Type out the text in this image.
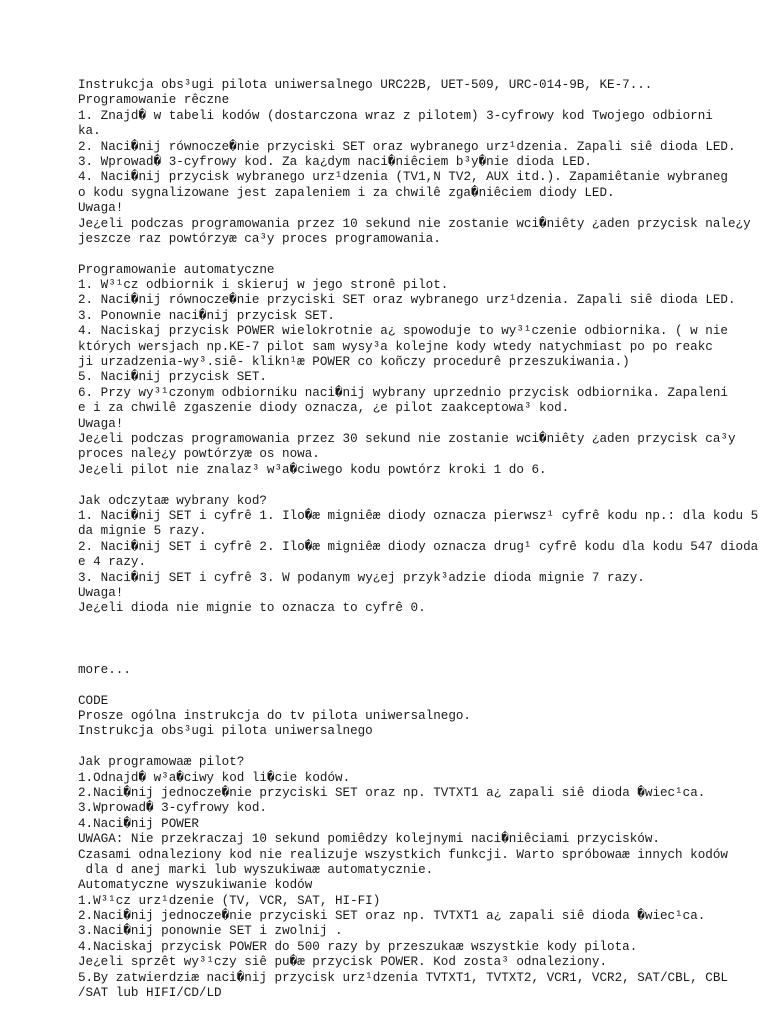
Instrukcja obs³ugi pilota uniwersalnego URC22B, UET-509, URC-014-9B, KE-7...
Programowanie rêczne
1. Znajd� w tabeli kodów (dostarczona wraz z pilotem) 3-cyfrowy kod Twojego odbiorni
ka.
2. Naci�nij równocze�nie przyciski SET oraz wybranego urz¹dzenia. Zapali siê dioda LED.
3. Wprowad� 3-cyfrowy kod. Za ka¿dym naci�niêciem b³y�nie dioda LED.
4. Naci�nij przycisk wybranego urz¹dzenia (TV1,N TV2, AUX itd.). Zapamiêtanie wybraneg
o kodu sygnalizowane jest zapaleniem i za chwilê zga�niêciem diody LED.
Uwaga!
Je¿eli podczas programowania przez 10 sekund nie zostanie wci�niêty ¿aden przycisk nale¿y
jeszcze raz powtórzyæ ca³y proces programowania.
Programowanie automatyczne
1. W³¹cz odbiornik i skieruj w jego stronê pilot.
2. Naci�nij równocze�nie przyciski SET oraz wybranego urz¹dzenia. Zapali siê dioda LED.
3. Ponownie naci�nij przycisk SET.
4. Naciskaj przycisk POWER wielokrotnie a¿ spowoduje to wy³¹czenie odbiornika. ( w nie
których wersjach np.KE-7 pilot sam wysy³a kolejne kody wtedy natychmiast po po reakc
ji urzadzenia-wy³.siê- klikn¹æ POWER co koñczy procedurê przeszukiwania.)
5. Naci�nij przycisk SET.
6. Przy wy³¹czonym odbiorniku naci�nij wybrany uprzednio przycisk odbiornika. Zapaleni
e i za chwilê zgaszenie diody oznacza, ¿e pilot zaakceptowa³ kod.
Uwaga!
Je¿eli podczas programowania przez 30 sekund nie zostanie wci�niêty ¿aden przycisk ca³y
proces nale¿y powtórzyæ os nowa.
Je¿eli pilot nie znalaz³ w³a�ciwego kodu powtórz kroki 1 do 6.
Jak odczytaæ wybrany kod?
1. Naci�nij SET i cyfrê 1. Ilo�æ migniêæ diody oznacza pierwsz¹ cyfrê kodu np.: dla kodu 5
da mignie 5 razy.
2. Naci�nij SET i cyfrê 2. Ilo�æ migniêæ diody oznacza drug¹ cyfrê kodu dla kodu 547 dioda
e 4 razy.
3. Naci�nij SET i cyfrê 3. W podanym wy¿ej przyk³adzie dioda mignie 7 razy.
Uwaga!
Je¿eli dioda nie mignie to oznacza to cyfrê 0.
more...
CODE
Prosze ogólna instrukcja do tv pilota uniwersalnego.
Instrukcja obs³ugi pilota uniwersalnego
Jak programowaæ pilot?
1.Odnajd� w³a�ciwy kod li�cie kodów.
2.Naci�nij jednocze�nie przyciski SET oraz np. TVTXT1 a¿ zapali siê dioda �wiec¹ca.
3.Wprowad� 3-cyfrowy kod.
4.Naci�nij POWER
UWAGA: Nie przekraczaj 10 sekund pomiêdzy kolejnymi naci�niêciami przycisków.
Czasami odnaleziony kod nie realizuje wszystkich funkcji. Warto spróbowaæ innych kodów
dla d anej marki lub wyszukiwaæ automatycznie.
Automatyczne wyszukiwanie kodów
1.W³¹cz urz¹dzenie (TV, VCR, SAT, HI-FI)
2.Naci�nij jednocze�nie przyciski SET oraz np. TVTXT1 a¿ zapali siê dioda �wiec¹ca.
3.Naci�nij ponownie SET i zwolnij .
4.Naciskaj przycisk POWER do 500 razy by przeszukaæ wszystkie kody pilota.
Je¿eli sprzêt wy³¹czy siê pu�æ przycisk POWER. Kod zosta³ odnaleziony.
5.By zatwierdziæ naci�nij przycisk urz¹dzenia TVTXT1, TVTXT2, VCR1, VCR2, SAT/CBL, CBL
/SAT lub HIFI/CD/LD
